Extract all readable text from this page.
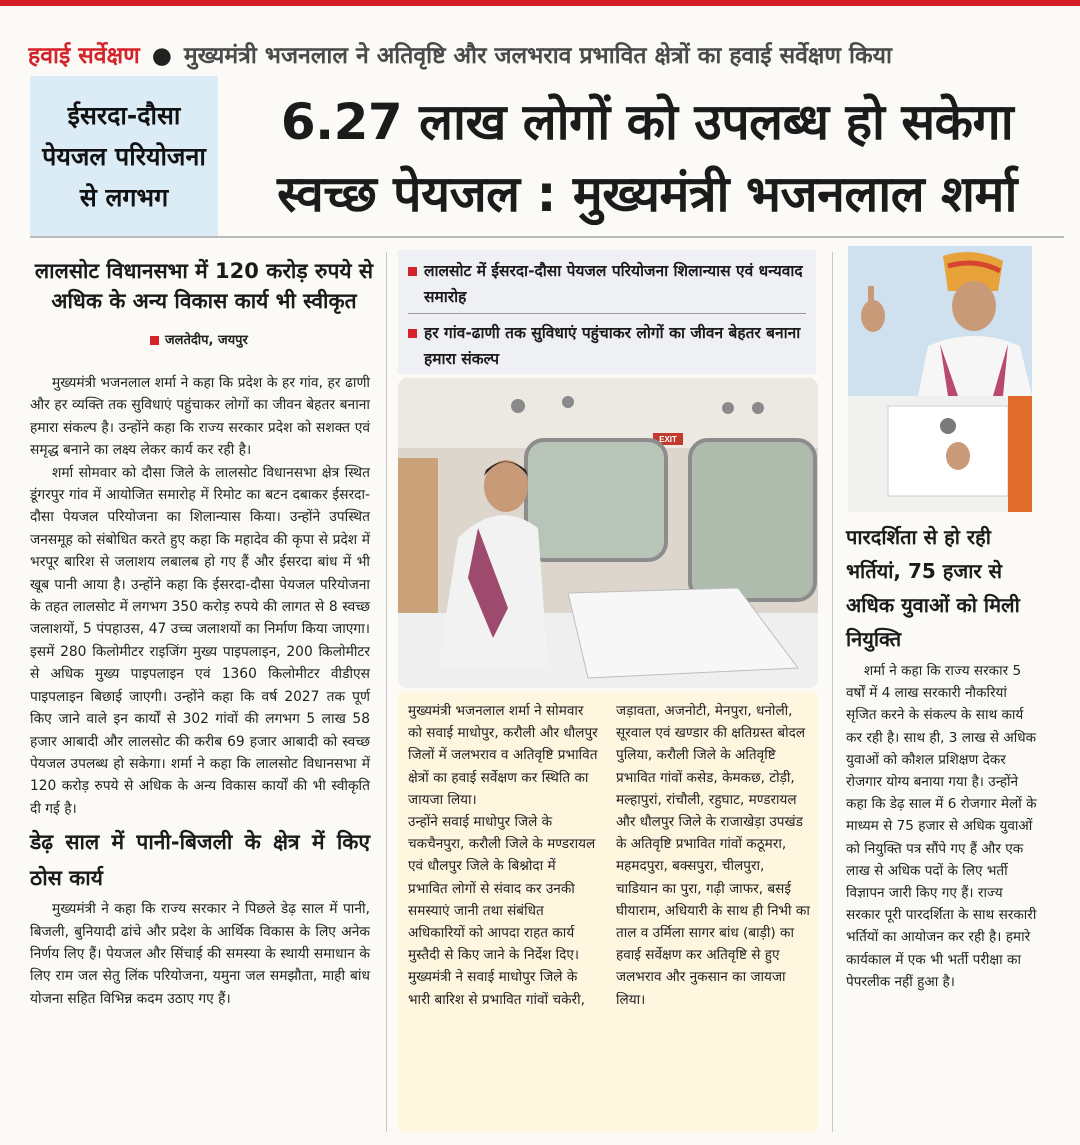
हवाई सर्वेक्षण ● मुख्यमंत्री भजनलाल ने अतिवृष्टि और जलभराव प्रभावित क्षेत्रों का हवाई सर्वेक्षण किया
ईसरदा-दौसा पेयजल परियोजना से लगभग
6.27 लाख लोगों को उपलब्ध हो सकेगा
स्वच्छ पेयजल : मुख्यमंत्री भजनलाल शर्मा
लालसोट विधानसभा में 120 करोड़ रुपये से अधिक के अन्य विकास कार्य भी स्वीकृत
जलतेदीप, जयपुर

मुख्यमंत्री भजनलाल शर्मा ने कहा कि प्रदेश के हर गांव, हर ढाणी और हर व्यक्ति तक सुविधाएं पहुंचाकर लोगों का जीवन बेहतर बनाना हमारा संकल्प है। उन्होंने कहा कि राज्य सरकार प्रदेश को सशक्त एवं समृद्ध बनाने का लक्ष्य लेकर कार्य कर रही है।

शर्मा सोमवार को दौसा जिले के लालसोट विधानसभा क्षेत्र स्थित डूंगरपुर गांव में आयोजित समारोह में रिमोट का बटन दबाकर ईसरदा-दौसा पेयजल परियोजना का शिलान्यास किया। उन्होंने उपस्थित जनसमूह को संबोधित करते हुए कहा कि महादेव की कृपा से प्रदेश में भरपूर बारिश से जलाशय लबालब हो गए हैं और ईसरदा बांध में भी खूब पानी आया है। उन्होंने कहा कि ईसरदा-दौसा पेयजल परियोजना के तहत लालसोट में लगभग 350 करोड़ रुपये की लागत से 8 स्वच्छ जलाशयों, 5 पंपहाउस, 47 उच्च जलाशयों का निर्माण किया जाएगा। इसमें 280 किलोमीटर राइजिंग मुख्य पाइपलाइन, 200 किलोमीटर से अधिक मुख्य पाइपलाइन एवं 1360 किलोमीटर वीडीएस पाइपलाइन बिछाई जाएगी। उन्होंने कहा कि वर्ष 2027 तक पूर्ण किए जाने वाले इन कार्यों से 302 गांवों की लगभग 5 लाख 58 हजार आबादी और लालसोट की करीब 69 हजार आबादी को स्वच्छ पेयजल उपलब्ध हो सकेगा। शर्मा ने कहा कि लालसोट विधानसभा में 120 करोड़ रुपये से अधिक के अन्य विकास कार्यों की भी स्वीकृति दी गई है।

डेढ़ साल में पानी-बिजली के क्षेत्र में किए ठोस कार्य

मुख्यमंत्री ने कहा कि राज्य सरकार ने पिछले डेढ़ साल में पानी, बिजली, बुनियादी ढांचे और प्रदेश के आर्थिक विकास के लिए अनेक निर्णय लिए हैं। पेयजल और सिंचाई की समस्या के स्थायी समाधान के लिए राम जल सेतु लिंक परियोजना, यमुना जल समझौता, माही बांध योजना सहित विभिन्न कदम उठाए गए हैं।

लालसोट में ईसरदा-दौसा पेयजल परियोजना शिलान्यास एवं धन्यवाद समारोह
हर गांव-ढाणी तक सुविधाएं पहुंचाकर लोगों का जीवन बेहतर बनाना हमारा संकल्प
EXIT
मुख्यमंत्री भजनलाल शर्मा ने सोमवार को सवाई माधोपुर, करौली और धौलपुर जिलों में जलभराव व अतिवृष्टि प्रभावित क्षेत्रों का हवाई सर्वेक्षण कर स्थिति का जायजा लिया।
उन्होंने सवाई माधोपुर जिले के चकचैनपुरा, करौली जिले के मण्डरायल एवं धौलपुर जिले के बिश्नोदा में प्रभावित लोगों से संवाद कर उनकी समस्याएं जानी तथा संबंधित अधिकारियों को आपदा राहत कार्य मुस्तैदी से किए जाने के निर्देश दिए।
मुख्यमंत्री ने सवाई माधोपुर जिले के भारी बारिश से प्रभावित गांवों चकेरी,
जड़ावता, अजनोटी, मेनपुरा, धनोली, सूरवाल एवं खण्डार की क्षतिग्रस्त बोदल पुलिया, करौली जिले के अतिवृष्टि प्रभावित गांवों कसेड, केमकछ, टोड़ी, मल्हापुरां, रांचौली, रहुघाट, मण्डरायल और धौलपुर जिले के राजाखेड़ा उपखंड के अतिवृष्टि प्रभावित गांवों कठूमरा, महमदपुरा, बक्सपुरा, चीलपुरा, चाडियान का पुरा, गढ़ी जाफर, बसई घीयाराम, अधियारी के साथ ही निभी का ताल व उर्मिला सागर बांध (बाड़ी) का हवाई सर्वेक्षण कर अतिवृष्टि से हुए जलभराव और नुकसान का जायजा लिया।
पारदर्शिता से हो रही भर्तियां, 75 हजार से अधिक युवाओं को मिली नियुक्ति
शर्मा ने कहा कि राज्य सरकार 5 वर्षों में 4 लाख सरकारी नौकरियां सृजित करने के संकल्प के साथ कार्य कर रही है। साथ ही, 3 लाख से अधिक युवाओं को कौशल प्रशिक्षण देकर रोजगार योग्य बनाया गया है। उन्होंने कहा कि डेढ़ साल में 6 रोजगार मेलों के माध्यम से 75 हजार से अधिक युवाओं को नियुक्ति पत्र सौंपे गए हैं और एक लाख से अधिक पदों के लिए भर्ती विज्ञापन जारी किए गए हैं। राज्य सरकार पूरी पारदर्शिता के साथ सरकारी भर्तियों का आयोजन कर रही है। हमारे कार्यकाल में एक भी भर्ती परीक्षा का पेपरलीक नहीं हुआ है।
